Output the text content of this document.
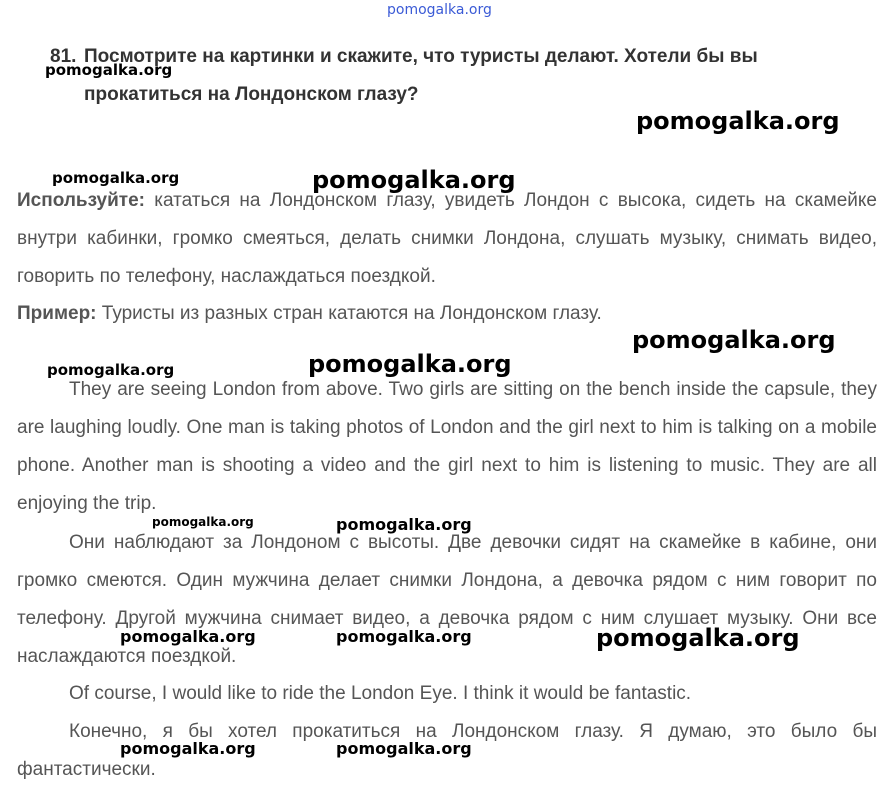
81. Посмотрите на картинки и скажите, что туристы делают. Хотели бы вы
прокатиться на Лондонском глазу?

Используйте: кататься на Лондонском глазу, увидеть Лондон с высока, сидеть на скамейке внутри кабинки, громко смеяться, делать снимки Лондона, слушать музыку, снимать видео, говорить по телефону, наслаждаться поездкой.

Пример: Туристы из разных стран катаются на Лондонском глазу.

They are seeing London from above. Two girls are sitting on the bench inside the capsule, they are laughing loudly. One man is taking photos of London and the girl next to him is talking on a mobile phone. Another man is shooting a video and the girl next to him is listening to music. They are all enjoying the trip.

Они наблюдают за Лондоном с высоты. Две девочки сидят на скамейке в кабине, они громко смеются. Один мужчина делает снимки Лондона, а девочка рядом с ним говорит по телефону. Другой мужчина снимает видео, а девочка рядом с ним слушает музыку. Они все наслаждаются поездкой.

Of course, I would like to ride the London Eye. I think it would be fantastic.

Конечно, я бы хотел прокатиться на Лондонском глазу. Я думаю, это было бы фантастически.

pomogalka.org
pomogalka.org
pomogalka.org
pomogalka.org	pomogalka.org
pomogalka.org
pomogalka.org	pomogalka.org
pomogalka.org	pomogalka.org
pomogalka.org	pomogalka.org	pomogalka.org
pomogalka.org	pomogalka.org
